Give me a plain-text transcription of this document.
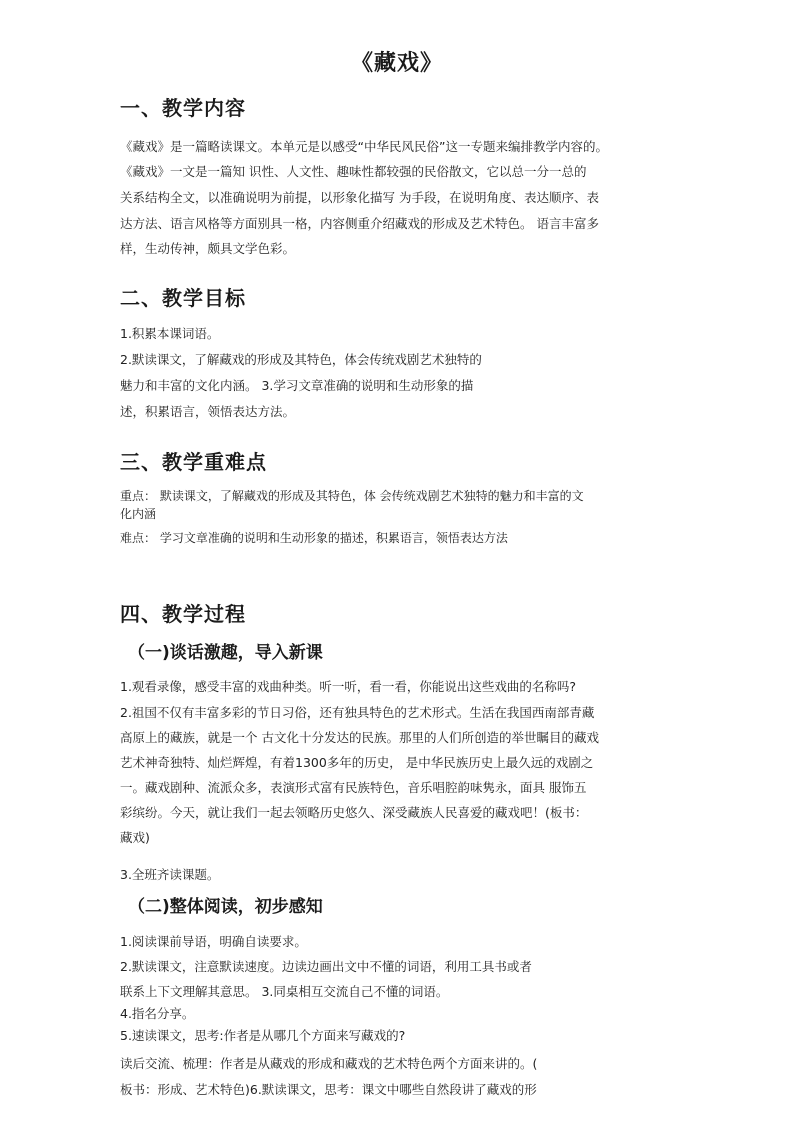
《藏戏》
一、教学内容
《藏戏》是一篇略读课文。本单元是以感受“中华民风民俗”这一专题来编排教学内容的。
《藏戏》一文是一篇知 识性、人文性、趣味性都较强的民俗散文，它以总一分一总的
关系结构全文，以准确说明为前提，以形象化描写 为手段，在说明角度、表达顺序、表
达方法、语言风格等方面别具一格，内容侧重介绍藏戏的形成及艺术特色。 语言丰富多
样，生动传神，颇具文学色彩。
二、教学目标
1.积累本课词语。
2.默读课文，了解藏戏的形成及其特色，体会传统戏剧艺术独特的
魅力和丰富的文化内涵。 3.学习文章准确的说明和生动形象的描
述，积累语言，领悟表达方法。
三、教学重难点
重点： 默读课文，了解藏戏的形成及其特色，体 会传统戏剧艺术独特的魅力和丰富的文
化内涵
难点： 学习文章准确的说明和生动形象的描述，积累语言，领悟表达方法
四、教学过程
（一)谈话激趣，导入新课
1.观看录像，感受丰富的戏曲种类。听一听，看一看，你能说出这些戏曲的名称吗?
2.祖国不仅有丰富多彩的节日习俗，还有独具特色的艺术形式。生活在我国西南部青藏
高原上的藏族，就是一个 古文化十分发达的民族。那里的人们所创造的举世瞩目的藏戏
艺术神奇独特、灿烂辉煌，有着1300多年的历史， 是中华民族历史上最久远的戏剧之
一。藏戏剧种、流派众多，表演形式富有民族特色，音乐唱腔韵味隽永，面具 服饰五
彩缤纷。今天，就让我们一起去领略历史悠久、深受藏族人民喜爱的藏戏吧！(板书：
藏戏)
3.全班齐读课题。
（二)整体阅读，初步感知
1.阅读课前导语，明确自读要求。
2.默读课文，注意默读速度。边读边画出文中不懂的词语，利用工具书或者
联系上下文理解其意思。 3.同桌相互交流自己不懂的词语。
4.指名分享。
5.速读课文，思考:作者是从哪几个方面来写藏戏的?
读后交流、梳理：作者是从藏戏的形成和藏戏的艺术特色两个方面来讲的。(
板书：形成、艺术特色)6.默读课文，思考：课文中哪些自然段讲了藏戏的形
